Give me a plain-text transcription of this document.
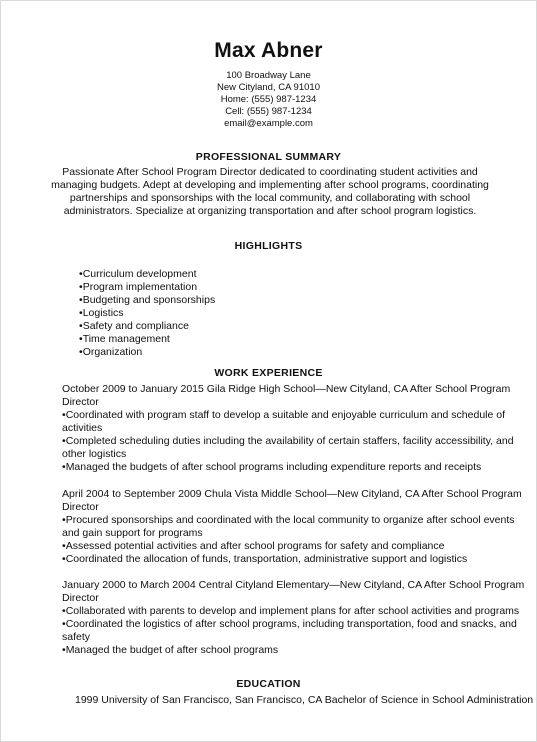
Max Abner
100 Broadway Lane
New Cityland, CA 91010
Home: (555) 987-1234
Cell: (555) 987-1234
email@example.com
PROFESSIONAL SUMMARY
Passionate After School Program Director dedicated to coordinating student activities and managing budgets. Adept at developing and implementing after school programs, coordinating partnerships and sponsorships with the local community, and collaborating with school administrators. Specialize at organizing transportation and after school program logistics.
HIGHLIGHTS
• Curriculum development
• Program implementation
• Budgeting and sponsorships
• Logistics
• Safety and compliance
• Time management
• Organization
WORK EXPERIENCE

October 2009 to January 2015 Gila Ridge High School—New Cityland, CA After School Program Director

• Coordinated with program staff to develop a suitable and enjoyable curriculum and schedule of activities

• Completed scheduling duties including the availability of certain staffers, facility accessibility, and other logistics

• Managed the budgets of after school programs including expenditure reports and receipts

April 2004 to September 2009 Chula Vista Middle School—New Cityland, CA After School Program Director

• Procured sponsorships and coordinated with the local community to organize after school events and gain support for programs

• Assessed potential activities and after school programs for safety and compliance

• Coordinated the allocation of funds, transportation, administrative support and logistics

January 2000 to March 2004 Central Cityland Elementary—New Cityland, CA After School Program Director

• Collaborated with parents to develop and implement plans for after school activities and programs

• Coordinated the logistics of after school programs, including transportation, food and snacks, and safety

• Managed the budget of after school programs

EDUCATION
1999 University of San Francisco, San Francisco, CA Bachelor of Science in School Administration
